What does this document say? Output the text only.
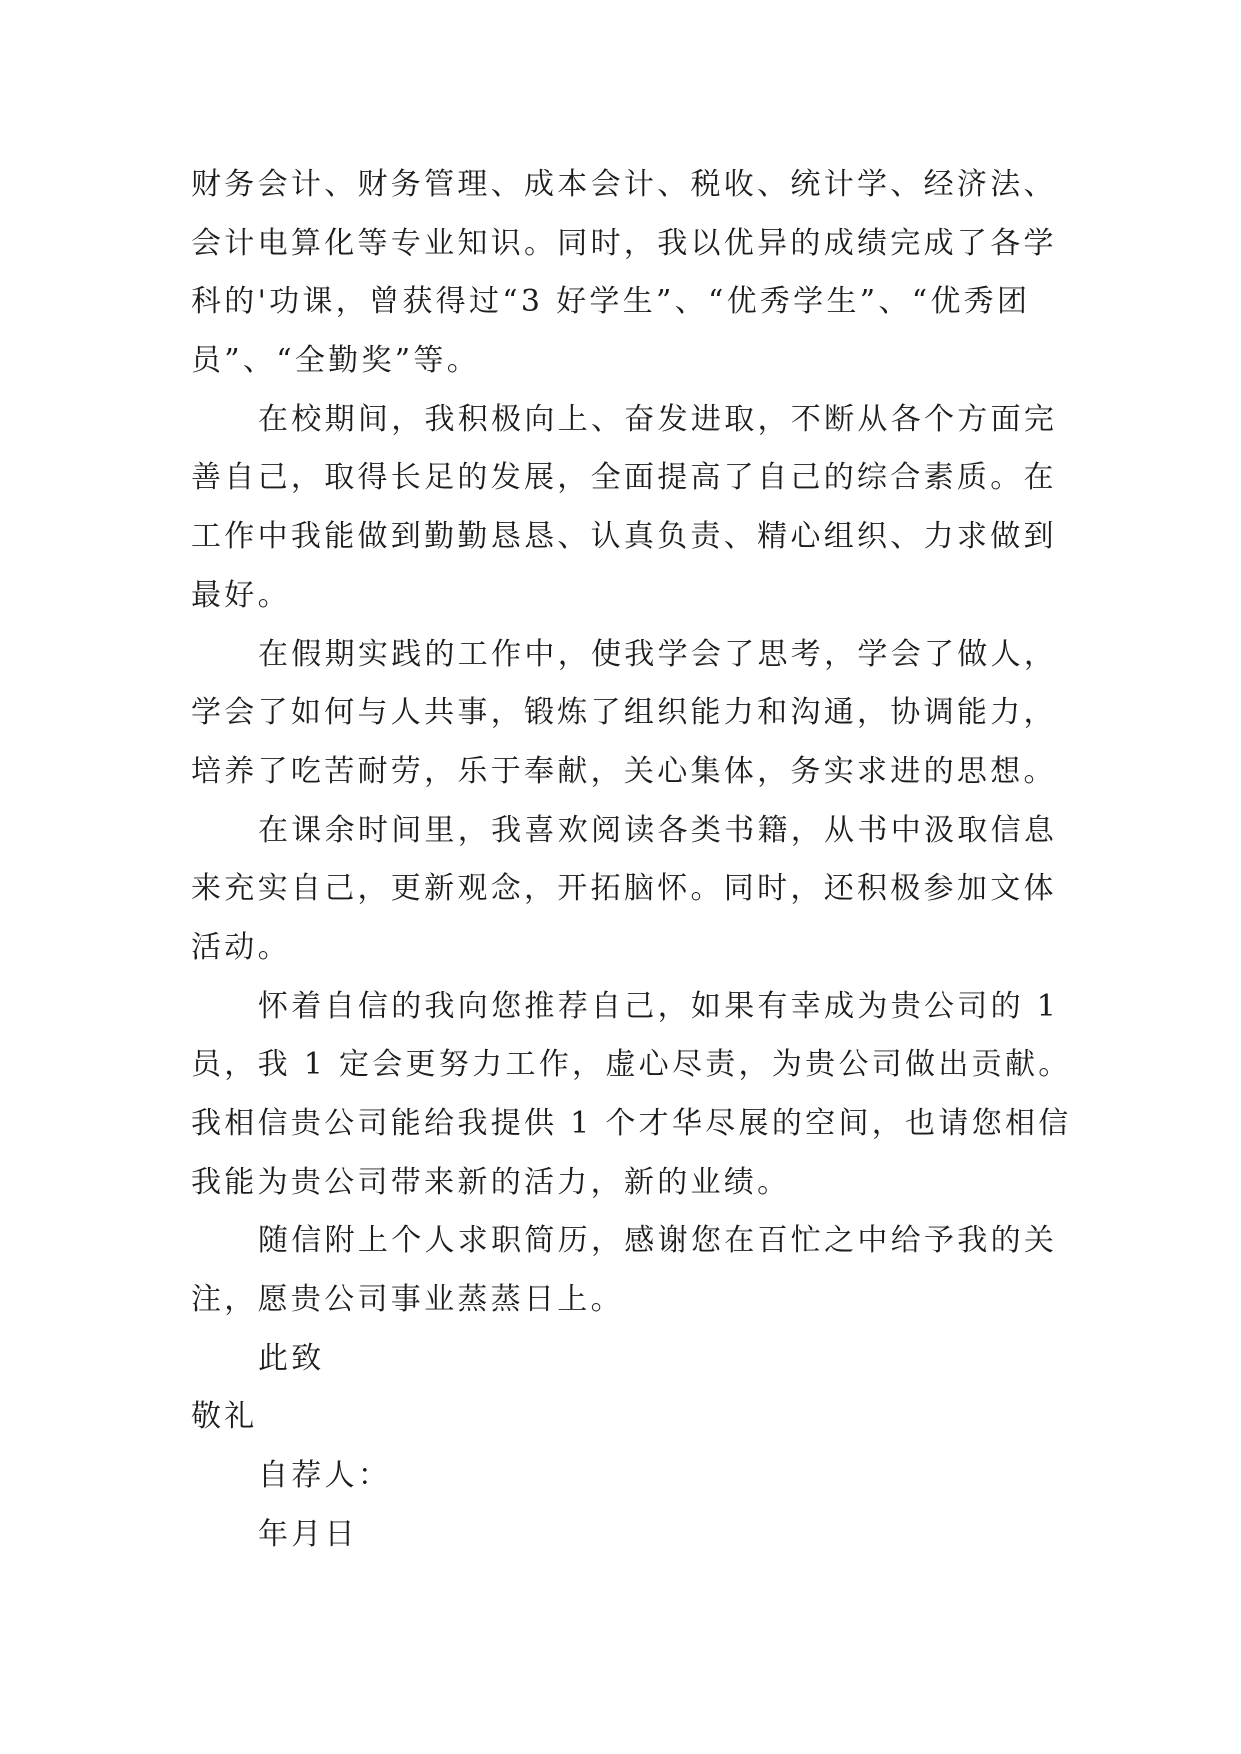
财务会计、财务管理、成本会计、税收、统计学、经济法、
会计电算化等专业知识。同时，我以优异的成绩完成了各学
科的'功课，曾获得过“3 好学生”、“优秀学生”、“优秀团
员”、“全勤奖”等。
在校期间，我积极向上、奋发进取，不断从各个方面完
善自己，取得长足的发展，全面提高了自己的综合素质。在
工作中我能做到勤勤恳恳、认真负责、精心组织、力求做到
最好。
在假期实践的工作中，使我学会了思考，学会了做人，
学会了如何与人共事，锻炼了组织能力和沟通，协调能力，
培养了吃苦耐劳，乐于奉献，关心集体，务实求进的思想。
在课余时间里，我喜欢阅读各类书籍，从书中汲取信息
来充实自己，更新观念，开拓脑怀。同时，还积极参加文体
活动。
怀着自信的我向您推荐自己，如果有幸成为贵公司的 1
员，我 1 定会更努力工作，虚心尽责，为贵公司做出贡献。
我相信贵公司能给我提供 1 个才华尽展的空间，也请您相信
我能为贵公司带来新的活力，新的业绩。
随信附上个人求职简历，感谢您在百忙之中给予我的关
注，愿贵公司事业蒸蒸日上。
此致
敬礼
自荐人：
年月日
